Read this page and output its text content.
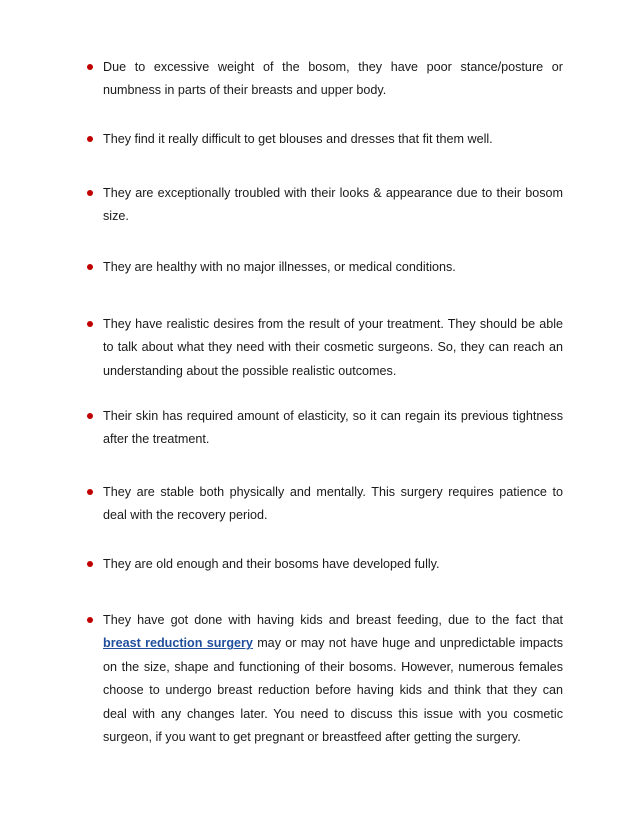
Due to excessive weight of the bosom, they have poor stance/posture or numbness in parts of their breasts and upper body.
They find it really difficult to get blouses and dresses that fit them well.
They are exceptionally troubled with their looks & appearance due to their bosom size.
They are healthy with no major illnesses, or medical conditions.
They have realistic desires from the result of your treatment. They should be able to talk about what they need with their cosmetic surgeons. So, they can reach an understanding about the possible realistic outcomes.
Their skin has required amount of elasticity, so it can regain its previous tightness after the treatment.
They are stable both physically and mentally. This surgery requires patience to deal with the recovery period.
They are old enough and their bosoms have developed fully.
They have got done with having kids and breast feeding, due to the fact that breast reduction surgery may or may not have huge and unpredictable impacts on the size, shape and functioning of their bosoms. However, numerous females choose to undergo breast reduction before having kids and think that they can deal with any changes later. You need to discuss this issue with you cosmetic surgeon, if you want to get pregnant or breastfeed after getting the surgery.
